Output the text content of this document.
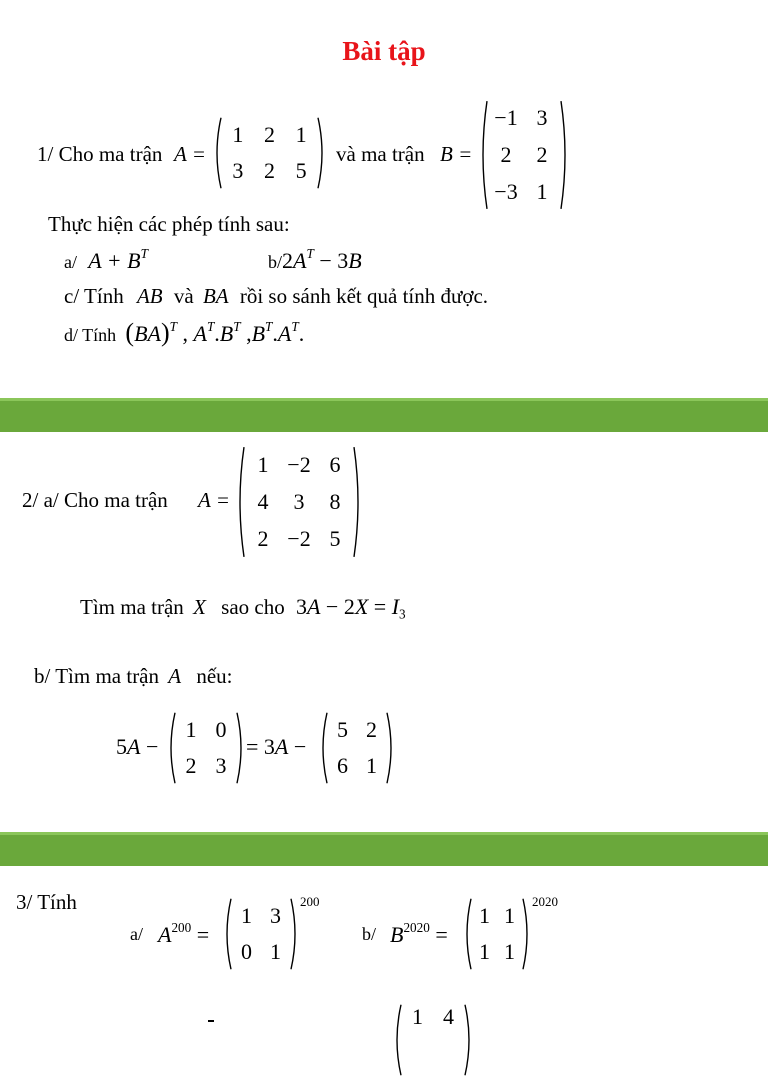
Bài tập
1/ Cho ma trận A =
1 2 1
3 2 5
và ma trận B =
−1 3
2	2
−3 1
Thực hiện các phép tính sau:
a/ $A + B^T$	$b/2A^T - 3B$
c/ Tính AB và BA rồi so sánh kết quả tính được.
d/ Tính (BA)$^T$ , $A^T.B^T$ $,B^T.A^T$.
2/ a/ Cho ma trận A =
1 −2 6
4	3	8
2 −2 5
Tìm ma trận X sao cho $3A - 2X = I_3$
b/ Tìm ma trận A nếu:
5A −
1 0
2 3
= 3A −
5 2
6 1
3/ Tính
a/ $A^{200}$ =
1 3
0 1
200
b/ $B^{2020}$ =
1 1
1 1
2020
1 4
